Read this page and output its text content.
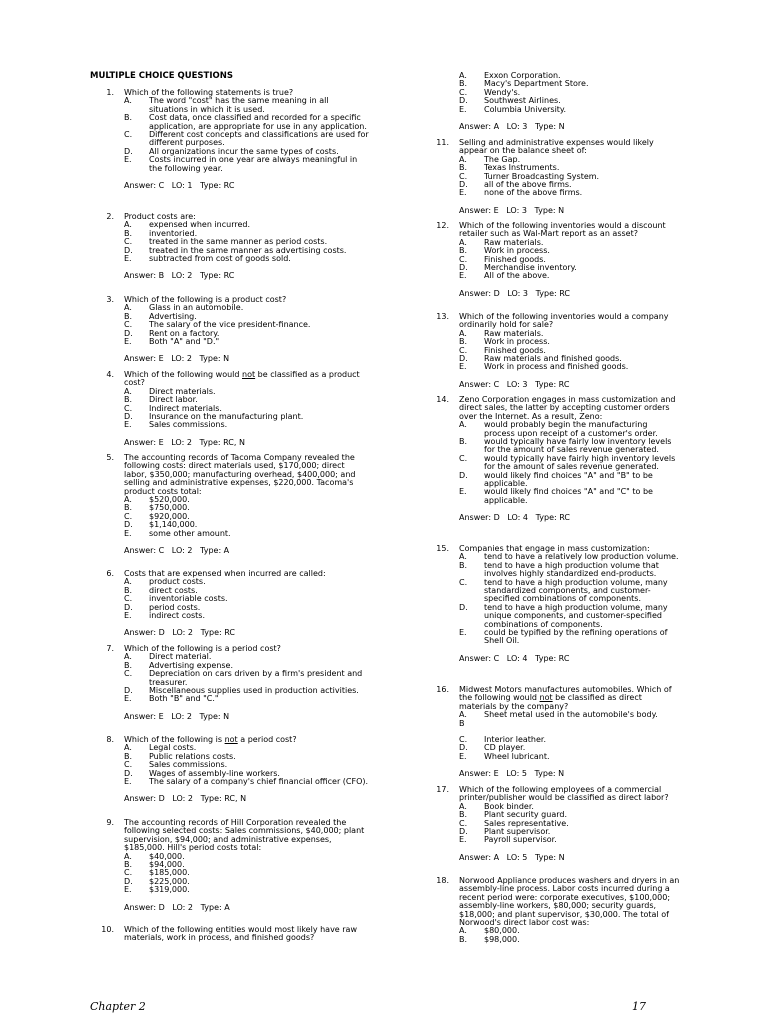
MULTIPLE CHOICE QUESTIONS
1.	Which of the following statements is true?
A.	The word "cost" has the same meaning in all situations in which it is used.
B.	Cost data, once classified and recorded for a specific application, are appropriate for use in any application.
C.	Different cost concepts and classifications are used for different purposes.
D.	All organizations incur the same types of costs.
E.	Costs incurred in one year are always meaningful in the following year.
Answer: C   LO: 1   Type: RC
2.	Product costs are:
A.	expensed when incurred.
B.	inventoried.
C.	treated in the same manner as period costs.
D.	treated in the same manner as advertising costs.
E.	subtracted from cost of goods sold.
Answer: B   LO: 2   Type: RC
3.	Which of the following is a product cost?
A.	Glass in an automobile.
B.	Advertising.
C.	The salary of the vice president-finance.
D.	Rent on a factory.
E.	Both "A" and "D."
Answer: E   LO: 2   Type: N
4.	Which of the following would not be classified as a product cost?
A.	Direct materials.
B.	Direct labor.
C.	Indirect materials.
D.	Insurance on the manufacturing plant.
E.	Sales commissions.
Answer: E   LO: 2   Type: RC, N
5.	The accounting records of Tacoma Company revealed the following costs: direct materials used, $170,000; direct labor, $350,000; manufacturing overhead, $400,000; and selling and administrative expenses, $220,000. Tacoma's product costs total:
A.	$520,000.
B.	$750,000.
C.	$920,000.
D.	$1,140,000.
E.	some other amount.
Answer: C   LO: 2   Type: A
6.	Costs that are expensed when incurred are called:
A.	product costs.
B.	direct costs.
C.	inventoriable costs.
D.	period costs.
E.	indirect costs.
Answer: D   LO: 2   Type: RC
7.	Which of the following is a period cost?
A.	Direct material.
B.	Advertising expense.
C.	Depreciation on cars driven by a firm's president and treasurer.
D.	Miscellaneous supplies used in production activities.
E.	Both "B" and "C."
Answer: E   LO: 2   Type: N
8.	Which of the following is not a period cost?
A.	Legal costs.
B.	Public relations costs.
C.	Sales commissions.
D.	Wages of assembly-line workers.
E.	The salary of a company's chief financial officer (CFO).
Answer: D   LO: 2   Type: RC, N
9.	The accounting records of Hill Corporation revealed the following selected costs: Sales commissions, $40,000; plant supervision, $94,000; and administrative expenses, $185,000. Hill's period costs total:
A.	$40,000.
B.	$94,000.
C.	$185,000.
D.	$225,000.
E.	$319,000.
Answer: D   LO: 2   Type: A
10.	Which of the following entities would most likely have raw materials, work in process, and finished goods?
A.	Exxon Corporation.
B.	Macy's Department Store.
C.	Wendy's.
D.	Southwest Airlines.
E.	Columbia University.
Answer: A   LO: 3   Type: N
11.	Selling and administrative expenses would likely appear on the balance sheet of:
A.	The Gap.
B.	Texas Instruments.
C.	Turner Broadcasting System.
D.	all of the above firms.
E.	none of the above firms.
Answer: E   LO: 3   Type: N
12.	Which of the following inventories would a discount retailer such as Wal-Mart report as an asset?
A.	Raw materials.
B.	Work in process.
C.	Finished goods.
D.	Merchandise inventory.
E.	All of the above.
Answer: D   LO: 3   Type: RC
13.	Which of the following inventories would a company ordinarily hold for sale?
A.	Raw materials.
B.	Work in process.
C.	Finished goods.
D.	Raw materials and finished goods.
E.	Work in process and finished goods.
Answer: C   LO: 3   Type: RC
14.	Zeno Corporation engages in mass customization and direct sales, the latter by accepting customer orders over the Internet. As a result, Zeno:
A.	would probably begin the manufacturing process upon receipt of a customer's order.
B.	would typically have fairly low inventory levels for the amount of sales revenue generated.
C.	would typically have fairly high inventory levels for the amount of sales revenue generated.
D.	would likely find choices "A" and "B" to be applicable.
E.	would likely find choices "A" and "C" to be applicable.
Answer: D   LO: 4   Type: RC
15.	Companies that engage in mass customization:
A.	tend to have a relatively low production volume.
B.	tend to have a high production volume that involves highly standardized end-products.
C.	tend to have a high production volume, many standardized components, and customer-specified combinations of components.
D.	tend to have a high production volume, many unique components, and customer-specified combinations of components.
E.	could be typified by the refining operations of Shell Oil.
Answer: C   LO: 4   Type: RC
16.	Midwest Motors manufactures automobiles. Which of the following would not be classified as direct materials by the company?
A.	Sheet metal used in the automobile's body.
B
C.	Interior leather.
D.	CD player.
E.	Wheel lubricant.
Answer: E   LO: 5   Type: N
17.	Which of the following employees of a commercial printer/publisher would be classified as direct labor?
A.	Book binder.
B.	Plant security guard.
C.	Sales representative.
D.	Plant supervisor.
E.	Payroll supervisor.
Answer: A   LO: 5   Type: N
18.	Norwood Appliance produces washers and dryers in an assembly-line process. Labor costs incurred during a recent period were: corporate executives, $100,000; assembly-line workers, $80,000; security guards, $18,000; and plant supervisor, $30,000. The total of Norwood's direct labor cost was:
A.	$80,000.
B.	$98,000.
Chapter 2	17
